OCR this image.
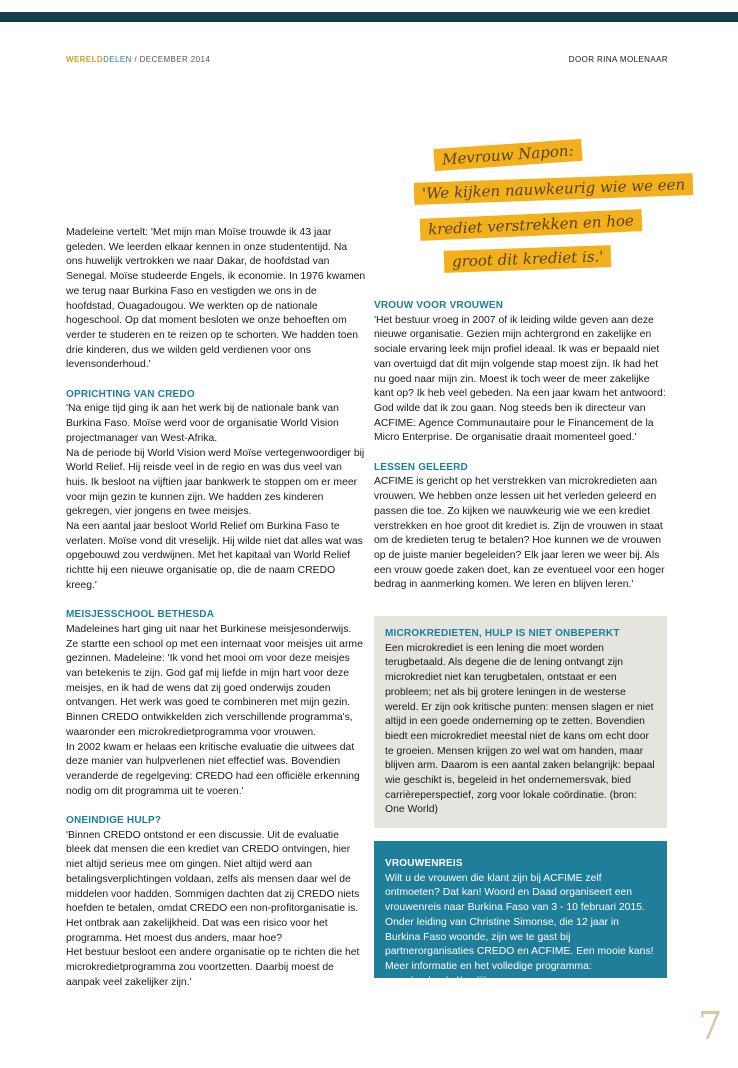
WERELDDELEN / DECEMBER 2014	DOOR RINA MOLENAAR
Mevrouw Napon:
'We kijken nauwkeurig wie we een
krediet verstrekken en hoe
groot dit krediet is.'

Madeleine vertelt: 'Met mijn man Moïse trouwde ik 43 jaar geleden. We leerden elkaar kennen in onze studententijd. Na ons huwelijk vertrokken we naar Dakar, de hoofdstad van Senegal. Moïse studeerde Engels, ik economie. In 1976 kwamen we terug naar Burkina Faso en vestigden we ons in de hoofdstad, Ouagadougou. We werkten op de nationale hogeschool. Op dat moment besloten we onze behoeften om verder te studeren en te reizen op te schorten. We hadden toen drie kinderen, dus we wilden geld verdienen voor ons levensonderhoud.'

OPRICHTING VAN CREDO

'Na enige tijd ging ik aan het werk bij de nationale bank van Burkina Faso. Moïse werd voor de organisatie World Vision projectmanager van West-Afrika.

Na de periode bij World Vision werd Moïse vertegenwoordiger bij World Relief. Hij reisde veel in de regio en was dus veel van huis. Ik besloot na vijftien jaar bankwerk te stoppen om er meer voor mijn gezin te kunnen zijn. We hadden zes kinderen gekregen, vier jongens en twee meisjes.

Na een aantal jaar besloot World Relief om Burkina Faso te verlaten. Moïse vond dit vreselijk. Hij wilde niet dat alles wat was opgebouwd zou verdwijnen. Met het kapitaal van World Relief richtte hij een nieuwe organisatie op, die de naam CREDO kreeg.'

MEISJESSCHOOL BETHESDA

Madeleines hart ging uit naar het Burkinese meisjesonderwijs. Ze startte een school op met een internaat voor meisjes uit arme gezinnen. Madeleine: 'Ik vond het mooi om voor deze meisjes van betekenis te zijn. God gaf mij liefde in mijn hart voor deze meisjes, en ik had de wens dat zij goed onderwijs zouden ontvangen. Het werk was goed te combineren met mijn gezin. Binnen CREDO ontwikkelden zich verschillende programma's, waaronder een microkredietprogramma voor vrouwen.

In 2002 kwam er helaas een kritische evaluatie die uitwees dat deze manier van hulpverlenen niet effectief was. Bovendien veranderde de regelgeving: CREDO had een officiële erkenning nodig om dit programma uit te voeren.'

ONEINDIGE HULP?

'Binnen CREDO ontstond er een discussie. Uit de evaluatie bleek dat mensen die een krediet van CREDO ontvingen, hier niet altijd serieus mee om gingen. Niet altijd werd aan betalingsverplichtingen voldaan, zelfs als mensen daar wel de middelen voor hadden. Sommigen dachten dat zij CREDO niets hoefden te betalen, omdat CREDO een non-profitorganisatie is. Het ontbrak aan zakelijkheid. Dat was een risico voor het programma. Het moest dus anders, maar hoe?

Het bestuur besloot een andere organisatie op te richten die het microkredietprogramma zou voortzetten. Daarbij moest de aanpak veel zakelijker zijn.'

VROUW VOOR VROUWEN

'Het bestuur vroeg in 2007 of ik leiding wilde geven aan deze nieuwe organisatie. Gezien mijn achtergrond en zakelijke en sociale ervaring leek mijn profiel ideaal. Ik was er bepaald niet van overtuigd dat dit mijn volgende stap moest zijn. Ik had het nu goed naar mijn zin. Moest ik toch weer de meer zakelijke kant op? Ik heb veel gebeden. Na een jaar kwam het antwoord: God wilde dat ik zou gaan. Nog steeds ben ik directeur van ACFIME: Agence Communautaire pour le Financement de la Micro Enterprise. De organisatie draait momenteel goed.'

LESSEN GELEERD

ACFIME is gericht op het verstrekken van microkredieten aan vrouwen. We hebben onze lessen uit het verleden geleerd en passen die toe. Zo kijken we nauwkeurig wie we een krediet verstrekken en hoe groot dit krediet is. Zijn de vrouwen in staat om de kredieten terug te betalen? Hoe kunnen we de vrouwen op de juiste manier begeleiden? Elk jaar leren we weer bij. Als een vrouw goede zaken doet, kan ze eventueel voor een hoger bedrag in aanmerking komen. We leren en blijven leren.'

MICROKREDIETEN, HULP IS NIET ONBEPERKT

Een microkrediet is een lening die moet worden terugbetaald. Als degene die de lening ontvangt zijn microkrediet niet kan terugbetalen, ontstaat er een probleem; net als bij grotere leningen in de westerse wereld. Er zijn ook kritische punten: mensen slagen er niet altijd in een goede onderneming op te zetten. Bovendien biedt een microkrediet meestal niet de kans om echt door te groeien. Mensen krijgen zo wel wat om handen, maar blijven arm. Daarom is een aantal zaken belangrijk: bepaal wie geschikt is, begeleid in het ondernemersvak, bied carrièreperspectief, zorg voor lokale coördinatie. (bron: One World)

VROUWENREIS

Wilt u de vrouwen die klant zijn bij ACFIME zelf ontmoeten? Dat kan! Woord en Daad organiseert een vrouwenreis naar Burkina Faso van 3 - 10 februari 2015. Onder leiding van Christine Simonse, die 12 jaar in Burkina Faso woonde, zijn we te gast bij partnerorganisaties CREDO en ACFIME. Een mooie kans! Meer informatie en het volledige programma: woordendaad.nl/eerlijkevrouw.

7
